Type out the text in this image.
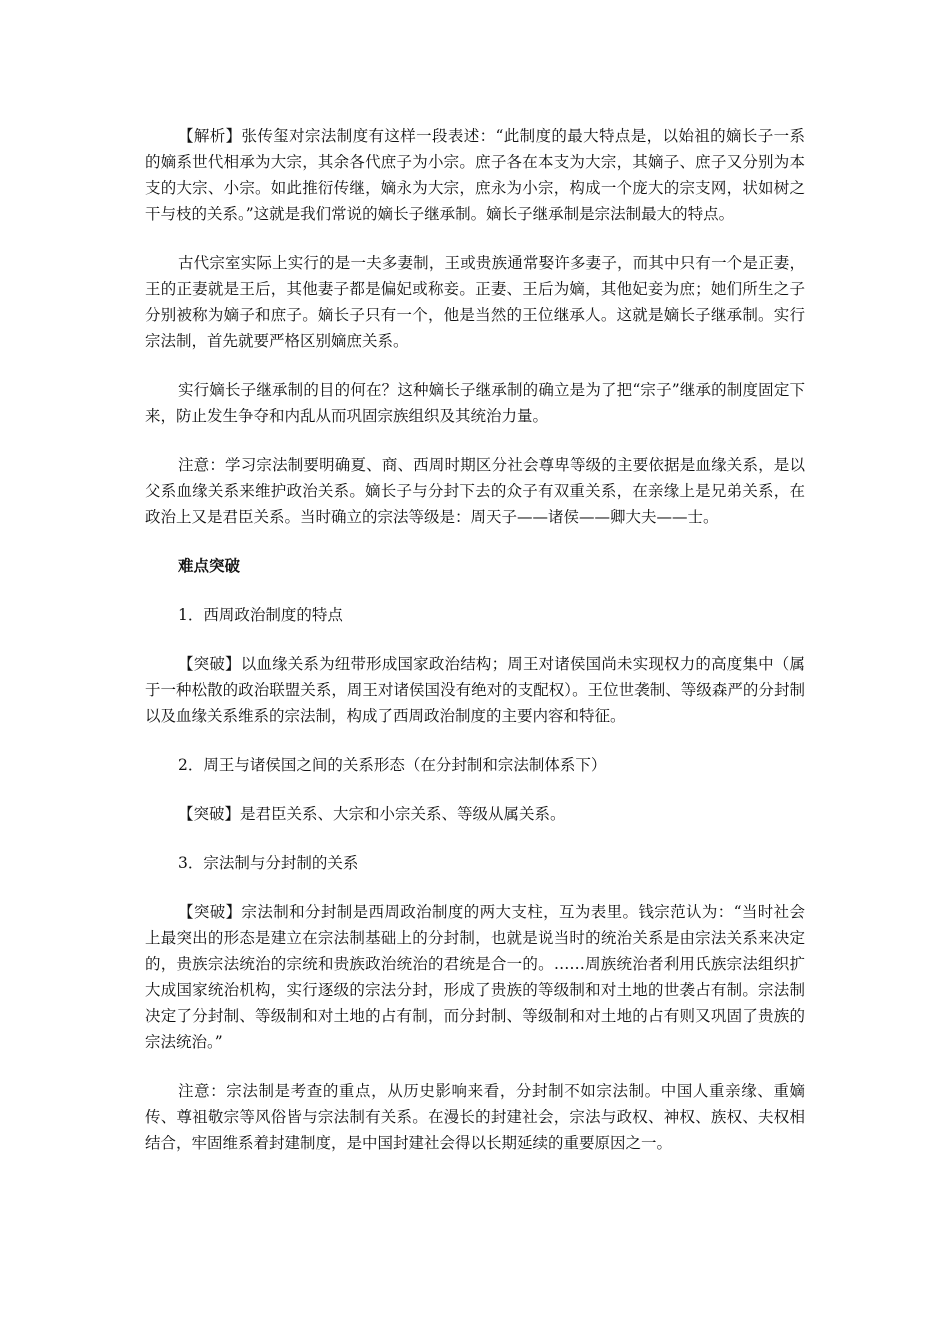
【解析】张传玺对宗法制度有这样一段表述：“此制度的最大特点是，以始祖的嫡长子一系的嫡系世代相承为大宗，其余各代庶子为小宗。庶子各在本支为大宗，其嫡子、庶子又分别为本支的大宗、小宗。如此推衍传继，嫡永为大宗，庶永为小宗，构成一个庞大的宗支网，状如树之干与枝的关系。”这就是我们常说的嫡长子继承制。嫡长子继承制是宗法制最大的特点。

古代宗室实际上实行的是一夫多妻制，王或贵族通常娶许多妻子，而其中只有一个是正妻，王的正妻就是王后，其他妻子都是偏妃或称妾。正妻、王后为嫡，其他妃妾为庶；她们所生之子分别被称为嫡子和庶子。嫡长子只有一个，他是当然的王位继承人。这就是嫡长子继承制。实行宗法制，首先就要严格区别嫡庶关系。

实行嫡长子继承制的目的何在？这种嫡长子继承制的确立是为了把“宗子”继承的制度固定下来，防止发生争夺和内乱从而巩固宗族组织及其统治力量。

注意：学习宗法制要明确夏、商、西周时期区分社会尊卑等级的主要依据是血缘关系，是以父系血缘关系来维护政治关系。嫡长子与分封下去的众子有双重关系，在亲缘上是兄弟关系，在政治上又是君臣关系。当时确立的宗法等级是：周天子——诸侯——卿大夫——士。

难点突破

1．西周政治制度的特点

【突破】以血缘关系为纽带形成国家政治结构；周王对诸侯国尚未实现权力的高度集中（属于一种松散的政治联盟关系，周王对诸侯国没有绝对的支配权）。王位世袭制、等级森严的分封制以及血缘关系维系的宗法制，构成了西周政治制度的主要内容和特征。

2．周王与诸侯国之间的关系形态（在分封制和宗法制体系下）

【突破】是君臣关系、大宗和小宗关系、等级从属关系。

3．宗法制与分封制的关系

【突破】宗法制和分封制是西周政治制度的两大支柱，互为表里。钱宗范认为：“当时社会上最突出的形态是建立在宗法制基础上的分封制，也就是说当时的统治关系是由宗法关系来决定的，贵族宗法统治的宗统和贵族政治统治的君统是合一的。……周族统治者利用氏族宗法组织扩大成国家统治机构，实行逐级的宗法分封，形成了贵族的等级制和对土地的世袭占有制。宗法制决定了分封制、等级制和对土地的占有制，而分封制、等级制和对土地的占有则又巩固了贵族的宗法统治。”

注意：宗法制是考查的重点，从历史影响来看，分封制不如宗法制。中国人重亲缘、重嫡传、尊祖敬宗等风俗皆与宗法制有关系。在漫长的封建社会，宗法与政权、神权、族权、夫权相结合，牢固维系着封建制度，是中国封建社会得以长期延续的重要原因之一。
